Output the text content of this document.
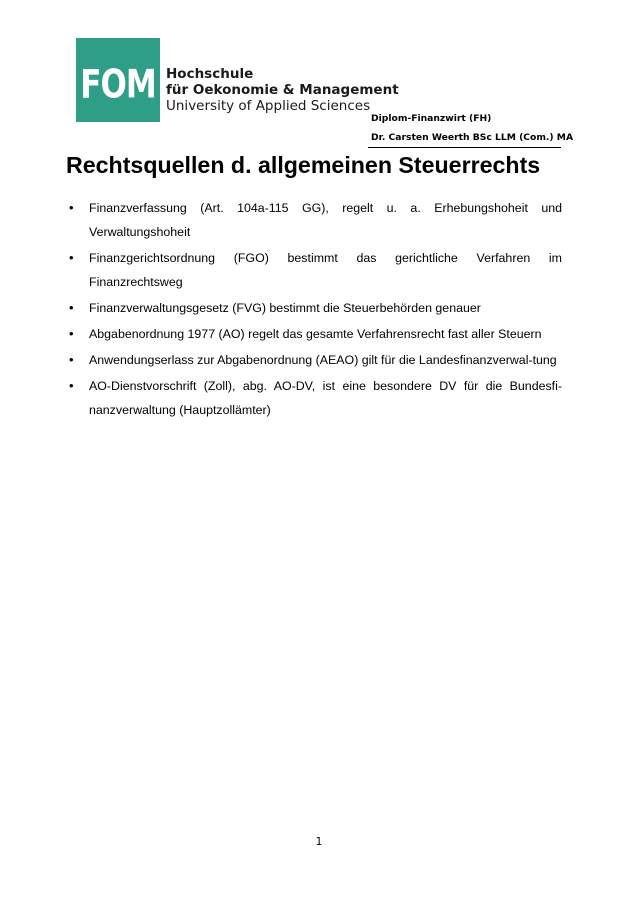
FOM Hochschule
für Oekonomie & Management
University of Applied Sciences
Diplom-Finanzwirt (FH)
Dr. Carsten Weerth BSc LLM (Com.) MA
Rechtsquellen d. allgemeinen Steuerrechts
• Finanzverfassung (Art. 104a-115 GG), regelt u. a. Erhebungshoheit und Verwaltungshoheit
• Finanzgerichtsordnung (FGO) bestimmt das gerichtliche Verfahren im Finanzrechtsweg
• Finanzverwaltungsgesetz (FVG) bestimmt die Steuerbehörden genauer
• Abgabenordnung 1977 (AO) regelt das gesamte Verfahrensrecht fast aller Steuern
• Anwendungserlass zur Abgabenordnung (AEAO) gilt für die Landesfinanzverwal-tung
• AO-Dienstvorschrift (Zoll), abg. AO-DV, ist eine besondere DV für die Bundesfi-nanzverwaltung (Hauptzollämter)
1
